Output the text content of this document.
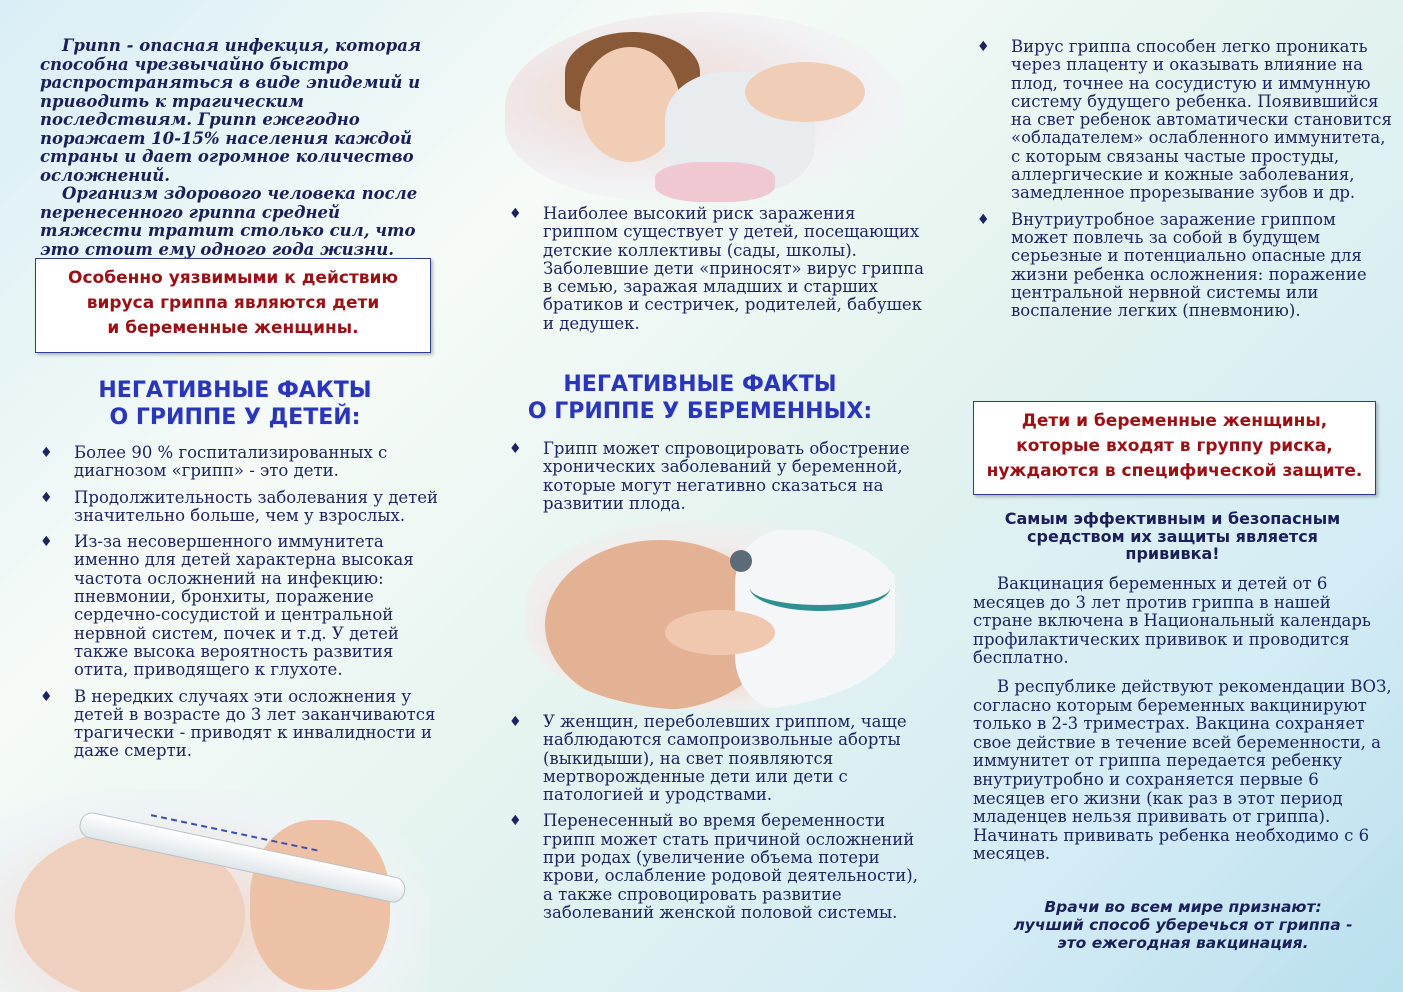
Грипп - опасная инфекция, которая способна чрезвычайно быстро распространяться в виде эпидемий и приводить к трагическим последствиям. Грипп ежегодно поражает 10-15% населения каждой страны и дает огромное количество осложнений.

Организм здорового человека после перенесенного гриппа средней тяжести тратит столько сил, что это стоит ему одного года жизни.

Особенно уязвимыми к действию
вируса гриппа являются дети
и беременные женщины.
НЕГАТИВНЫЕ ФАКТЫ
О ГРИППЕ У ДЕТЕЙ:
♦ Более 90 % госпитализированных с диагнозом «грипп» - это дети.
♦ Продолжительность заболевания у детей значительно больше, чем у взрослых.
♦ Из-за несовершенного иммунитета именно для детей характерна высокая частота осложнений на инфекцию: пневмонии, бронхиты, поражение сердечно-сосудистой и центральной нервной систем, почек и т.д. У детей также высока вероятность развития отита, приводящего к глухоте.
♦ В нередких случаях эти осложнения у детей в возрасте до 3 лет заканчиваются трагически - приводят к инвалидности и даже смерти.
♦ Наиболее высокий риск заражения гриппом существует у детей, посещающих детские коллективы (сады, школы). Заболевшие дети «приносят» вирус гриппа в семью, заражая младших и старших братиков и сестричек, родителей, бабушек и дедушек.
НЕГАТИВНЫЕ ФАКТЫ
О ГРИППЕ У БЕРЕМЕННЫХ:
♦ Грипп может спровоцировать обострение хронических заболеваний у беременной, которые могут негативно сказаться на развитии плода.
♦ У женщин, переболевших гриппом, чаще наблюдаются самопроизвольные аборты (выкидыши), на свет появляются мертворожденные дети или дети с патологией и уродствами.
♦ Перенесенный во время беременности грипп может стать причиной осложнений при родах (увеличение объема потери крови, ослабление родовой деятельности), а также спровоцировать развитие заболеваний женской половой системы.
♦ Вирус гриппа способен легко проникать через плаценту и оказывать влияние на плод, точнее на сосудистую и иммунную систему будущего ребенка. Появившийся на свет ребенок автоматически становится «обладателем» ослабленного иммунитета, с которым связаны частые простуды, аллергические и кожные заболевания, замедленное прорезывание зубов и др.
♦ Внутриутробное заражение гриппом может повлечь за собой в будущем серьезные и потенциально опасные для жизни ребенка осложнения: поражение центральной нервной системы или воспаление легких (пневмонию).
Дети и беременные женщины,
которые входят в группу риска,
нуждаются в специфической защите.
Самым эффективным и безопасным средством их защиты является прививка!

Вакцинация беременных и детей от 6 месяцев до 3 лет против гриппа в нашей стране включена в Национальный календарь профилактических прививок и проводится бесплатно.

В республике действуют рекомендации ВОЗ, согласно которым беременных вакцинируют только в 2-3 триместрах. Вакцина сохраняет свое действие в течение всей беременности, а иммунитет от гриппа передается ребенку внутриутробно и сохраняется первые 6 месяцев его жизни (как раз в этот период младенцев нельзя прививать от гриппа). Начинать прививать ребенка необходимо с 6 месяцев.

Врачи во всем мире признают:
лучший способ уберечься от гриппа -
это ежегодная вакцинация.
